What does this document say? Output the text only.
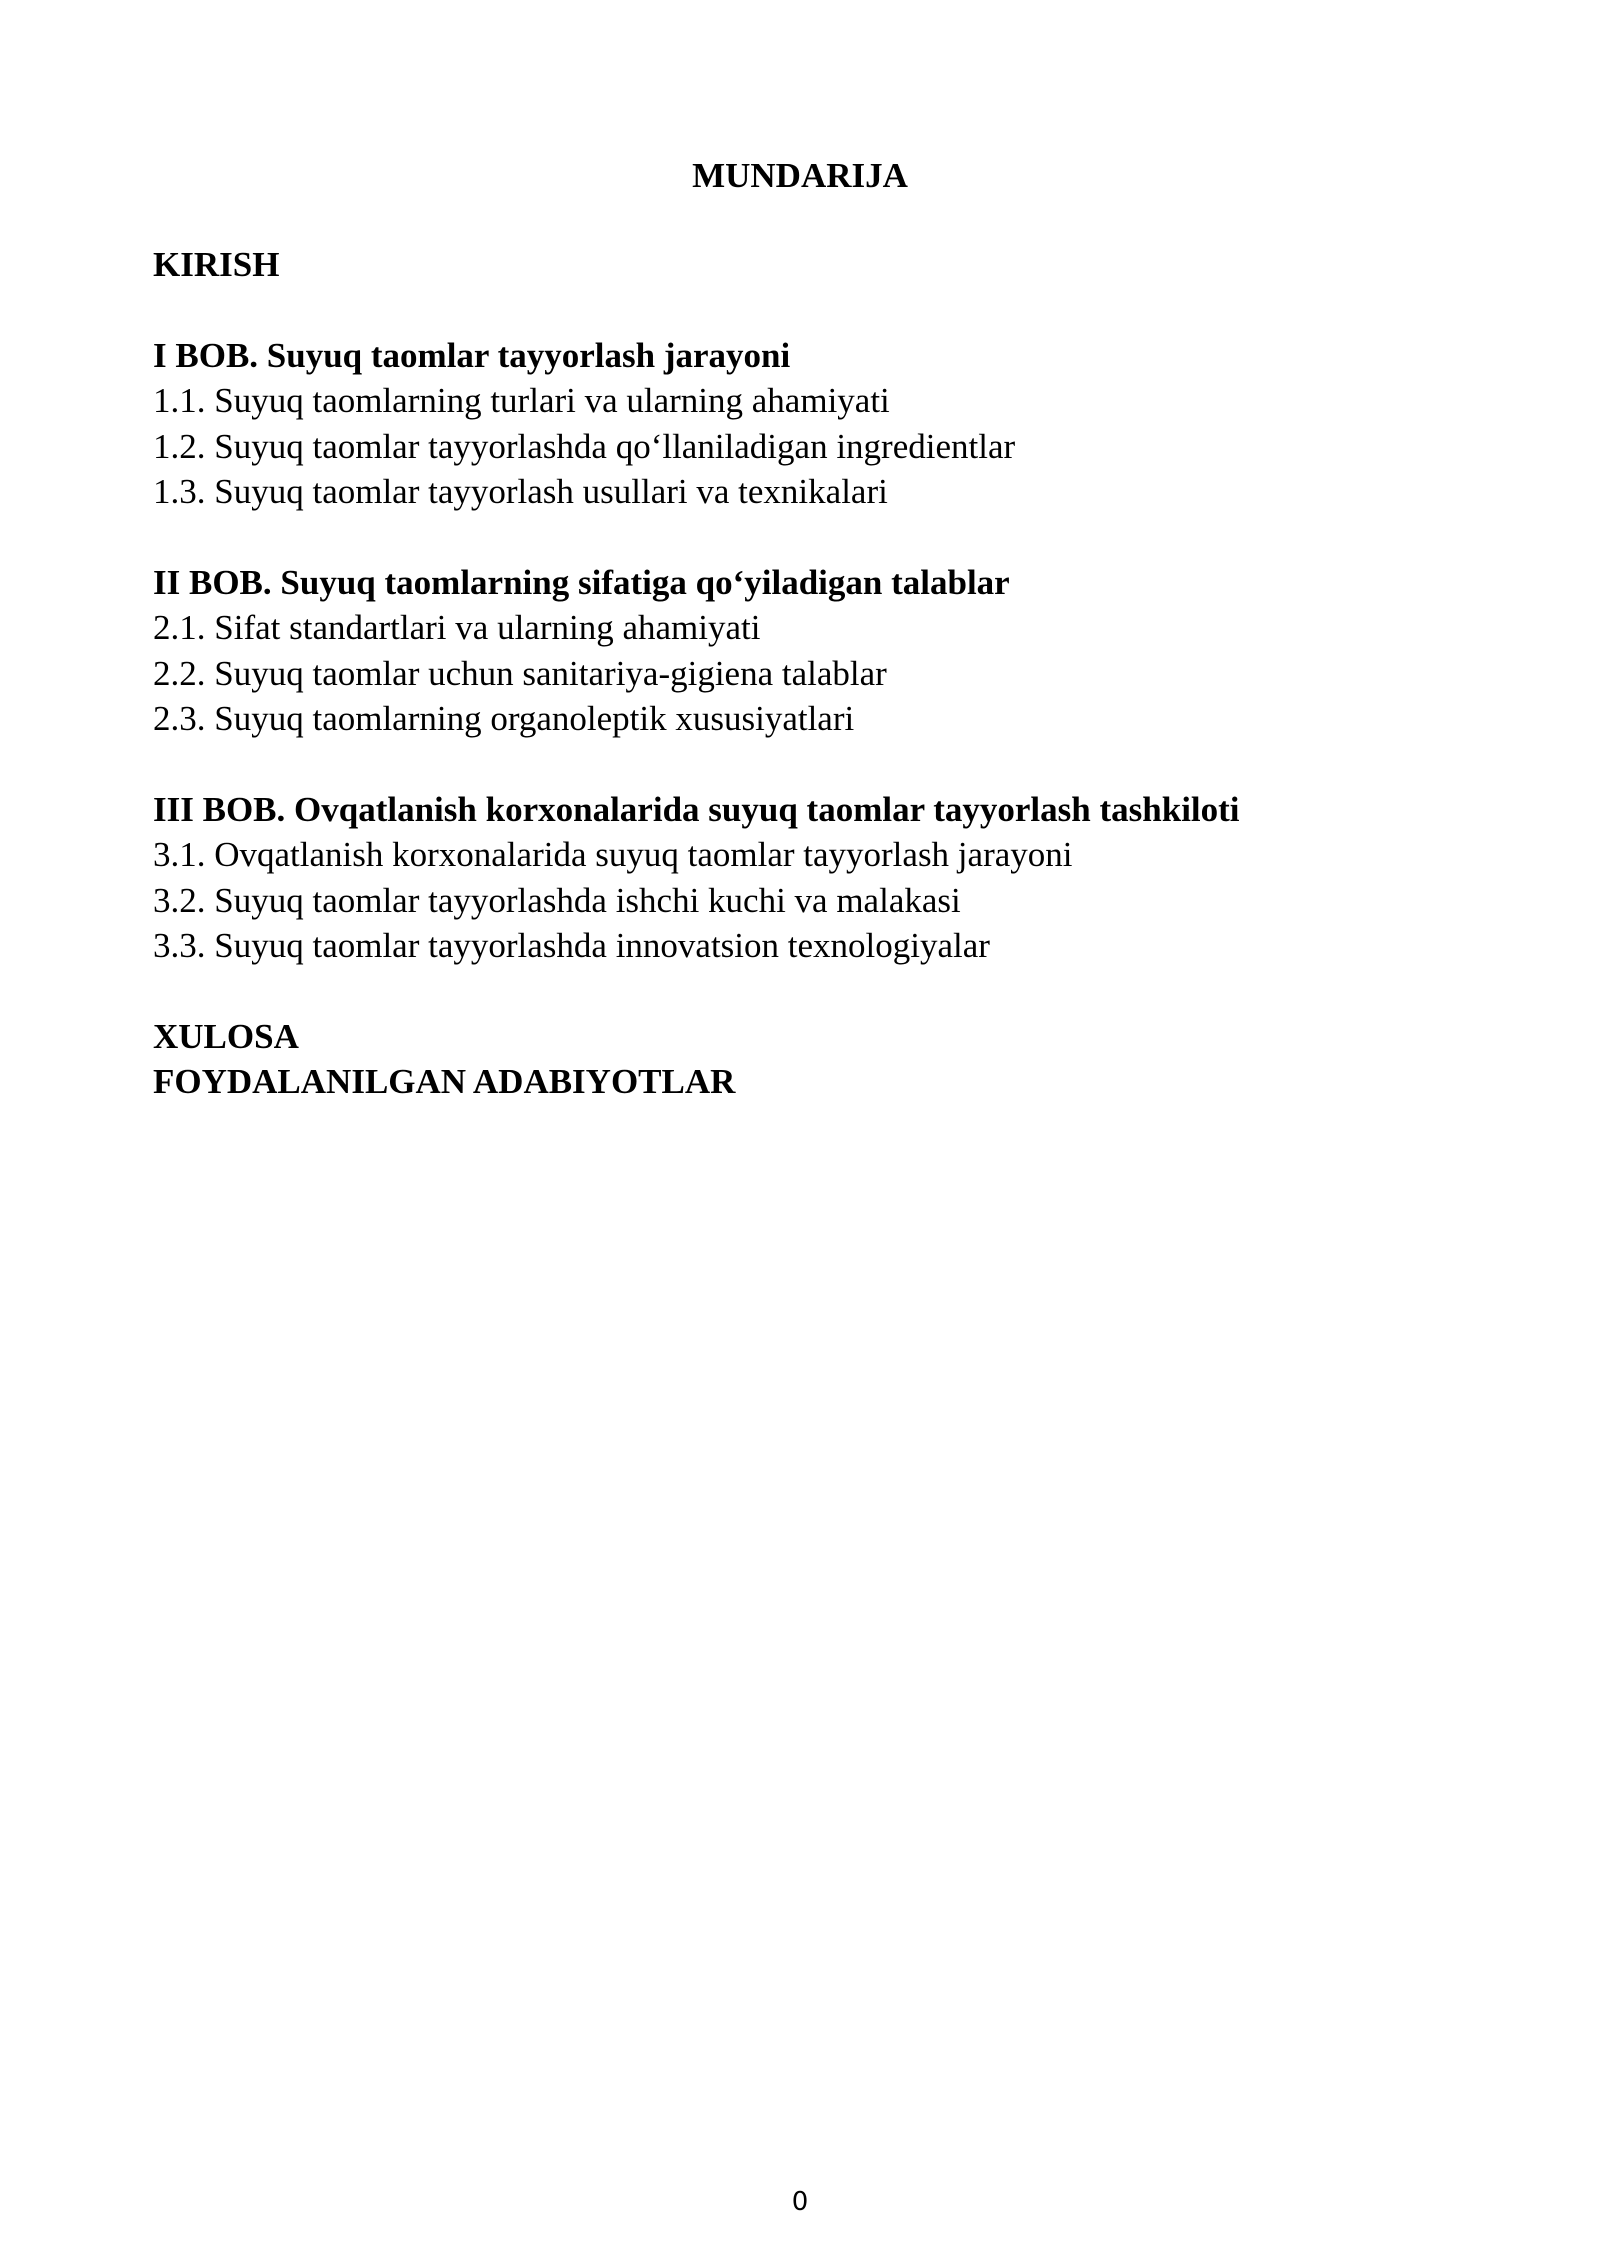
MUNDARIJA
KIRISH
I BOB. Suyuq taomlar tayyorlash jarayoni
1.1. Suyuq taomlarning turlari va ularning ahamiyati
1.2. Suyuq taomlar tayyorlashda qo‘llaniladigan ingredientlar
1.3. Suyuq taomlar tayyorlash usullari va texnikalari
II BOB. Suyuq taomlarning sifatiga qo‘yiladigan talablar
2.1. Sifat standartlari va ularning ahamiyati
2.2. Suyuq taomlar uchun sanitariya-gigiena talablar
2.3. Suyuq taomlarning organoleptik xususiyatlari
III BOB. Ovqatlanish korxonalarida suyuq taomlar tayyorlash tashkiloti
3.1. Ovqatlanish korxonalarida suyuq taomlar tayyorlash jarayoni
3.2. Suyuq taomlar tayyorlashda ishchi kuchi va malakasi
3.3. Suyuq taomlar tayyorlashda innovatsion texnologiyalar
XULOSA
FOYDALANILGAN ADABIYOTLAR
0
